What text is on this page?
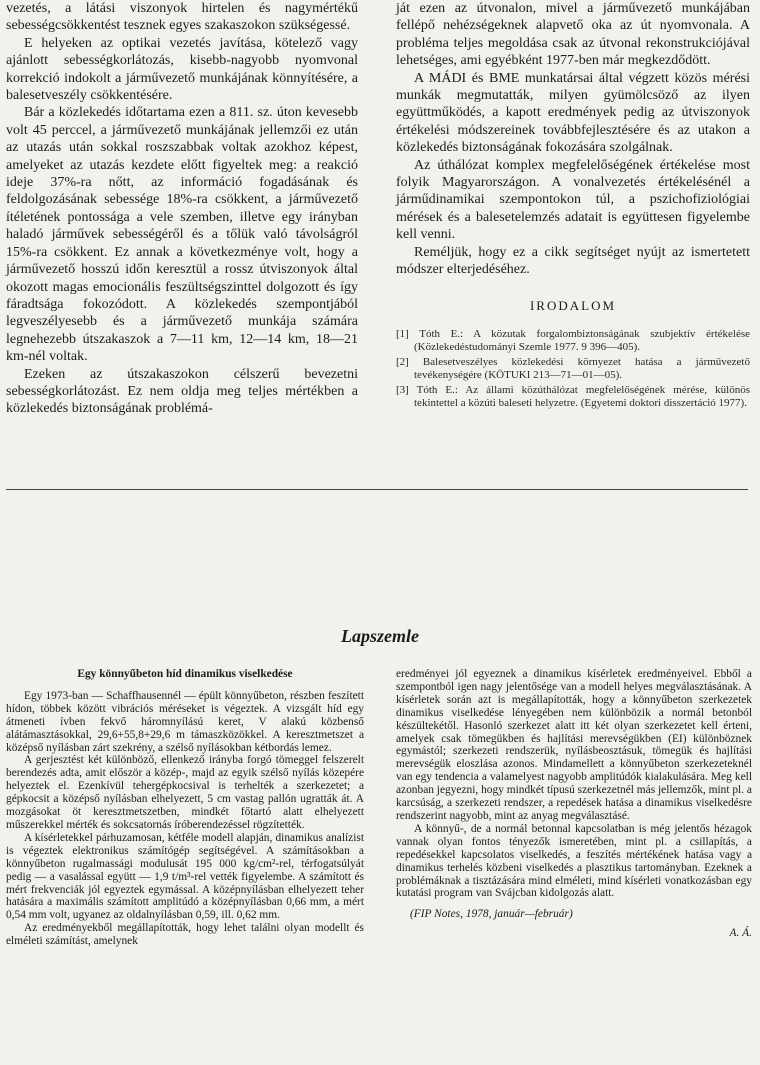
vezetés, a látási viszonyok hirtelen és nagymértékű sebességcsökkentést tesznek egyes szakaszokon szükségessé.

E helyeken az optikai vezetés javítása, kötelező vagy ajánlott sebességkorlátozás, kisebb-nagyobb nyomvonal korrekció indokolt a járművezető munkájának könnyítésére, a balesetveszély csökkentésére.

Bár a közlekedés időtartama ezen a 811. sz. úton kevesebb volt 45 perccel, a járművezető munkájának jellemzői ez után az utazás után sokkal roszszabbak voltak azokhoz képest, amelyeket az utazás kezdete előtt figyeltek meg: a reakció ideje 37%-ra nőtt, az információ fogadásának és feldolgozásának sebessége 18%-ra csökkent, a járművezető ítéletének pontossága a vele szemben, illetve egy irányban haladó járművek sebességéről és a tőlük való távolságról 15%-ra csökkent. Ez annak a következménye volt, hogy a járművezető hosszú időn keresztül a rossz útviszonyok által okozott magas emocionális feszültségszinttel dolgozott és így fáradtsága fokozódott. A közlekedés szempontjából legveszélyesebb és a járművezető munkája számára legnehezebb útszakaszok a 7—11 km, 12—14 km, 18—21 km-nél voltak.

Ezeken az útszakaszokon célszerű bevezetni sebességkorlátozást. Ez nem oldja meg teljes mértékben a közlekedés biztonságának problémá-

ját ezen az útvonalon, mivel a járművezető munkájában fellépő nehézségeknek alapvető oka az út nyomvonala. A probléma teljes megoldása csak az útvonal rekonstrukciójával lehetséges, ami egyébként 1977-ben már megkezdődött.

A MÁDI és BME munkatársai által végzett közös mérési munkák megmutatták, milyen gyümölcsöző az ilyen együttműködés, a kapott eredmények pedig az útviszonyok értékelési módszereinek továbbfejlesztésére és az utakon a közlekedés biztonságának fokozására szolgálnak.

Az úthálózat komplex megfelelőségének értékelése most folyik Magyarországon. A vonalvezetés értékelésénél a járműdinamikai szempontokon túl, a pszichofiziológiai mérések és a balesetelemzés adatait is együttesen figyelembe kell venni.

Reméljük, hogy ez a cikk segítséget nyújt az ismertetett módszer elterjedéséhez.

IRODALOM
[1] Tóth E.: A közutak forgalombiztonságának szubjektív értékelése (Közlekedéstudományi Szemle 1977. 9 396—405).
[2] Balesetveszélyes közlekedési környezet hatása a járművezető tevékenységére (KÖTUKI 213—71—01—05).
[3] Tóth E.: Az állami közúthálózat megfelelőségének mérése, különös tekintettel a közúti baleseti helyzetre. (Egyetemi doktori disszertáció 1977).
Lapszemle
Egy könnyűbeton híd dinamikus viselkedése

Egy 1973-ban — Schaffhausennél — épült könnyűbeton, részben feszített hídon, többek között vibrációs méréseket is végeztek. A vizsgált híd egy átmeneti ívben fekvő háromnyílású keret, V alakú közbenső alátámasztásokkal, 29,6+55,8+29,6 m támaszközökkel. A keresztmetszet a középső nyílásban zárt szekrény, a szélső nyílásokban kétbordás lemez.

A gerjesztést két különböző, ellenkező irányba forgó tömeggel felszerelt berendezés adta, amit először a közép-, majd az egyik szélső nyílás közepére helyeztek el. Ezenkívül tehergépkocsival is terhelték a szerkezetet; a gépkocsit a középső nyílásban elhelyezett, 5 cm vastag pallón ugratták át. A mozgásokat öt keresztmetszetben, mindkét főtartó alatt elhelyezett műszerekkel mérték és sokcsatornás íróberendezéssel rögzítették.

A kísérletekkel párhuzamosan, kétféle modell alapján, dinamikus analízist is végeztek elektronikus számítógép segítségével. A számításokban a könnyűbeton rugalmassági modulusát 195 000 kg/cm²-rel, térfogatsúlyát pedig — a vasalással együtt — 1,9 t/m³-rel vették figyelembe. A számított és mért frekvenciák jól egyeztek egymással. A középnyílásban elhelyezett teher hatására a maximális számított amplitúdó a középnyílásban 0,66 mm, a mért 0,54 mm volt, ugyanez az oldalnyílásban 0,59, ill. 0,62 mm.

Az eredményekből megállapították, hogy lehet találni olyan modellt és elméleti számítást, amelynek

eredményei jól egyeznek a dinamikus kísérletek eredményeivel. Ebből a szempontból igen nagy jelentősége van a modell helyes megválasztásának. A kísérletek során azt is megállapították, hogy a könnyűbeton szerkezetek dinamikus viselkedése lényegében nem különbözik a normál betonból készültekétől. Hasonló szerkezet alatt itt két olyan szerkezetet kell érteni, amelyek csak tömegükben és hajlítási merevségükben (EI) különböznek egymástól; szerkezeti rendszerük, nyílásbeosztásuk, tömegük és hajlítási merevségük eloszlása azonos. Mindamellett a könnyűbeton szerkezeteknél van egy tendencia a valamelyest nagyobb amplitúdók kialakulására. Meg kell azonban jegyezni, hogy mindkét típusú szerkezetnél más jellemzők, mint pl. a karcsúság, a szerkezeti rendszer, a repedések hatása a dinamikus viselkedésre rendszerint nagyobb, mint az anyag megválasztásé.

A könnyű-, de a normál betonnal kapcsolatban is még jelentős hézagok vannak olyan fontos tényezők ismeretében, mint pl. a csillapítás, a repedésekkel kapcsolatos viselkedés, a feszítés mértékének hatása vagy a dinamikus terhelés közbeni viselkedés a plasztikus tartományban. Ezeknek a problémáknak a tisztázására mind elméleti, mind kísérleti vonatkozásban egy kutatási program van Svájcban kidolgozás alatt.

(FIP Notes, 1978, január—február)
A. Á.
